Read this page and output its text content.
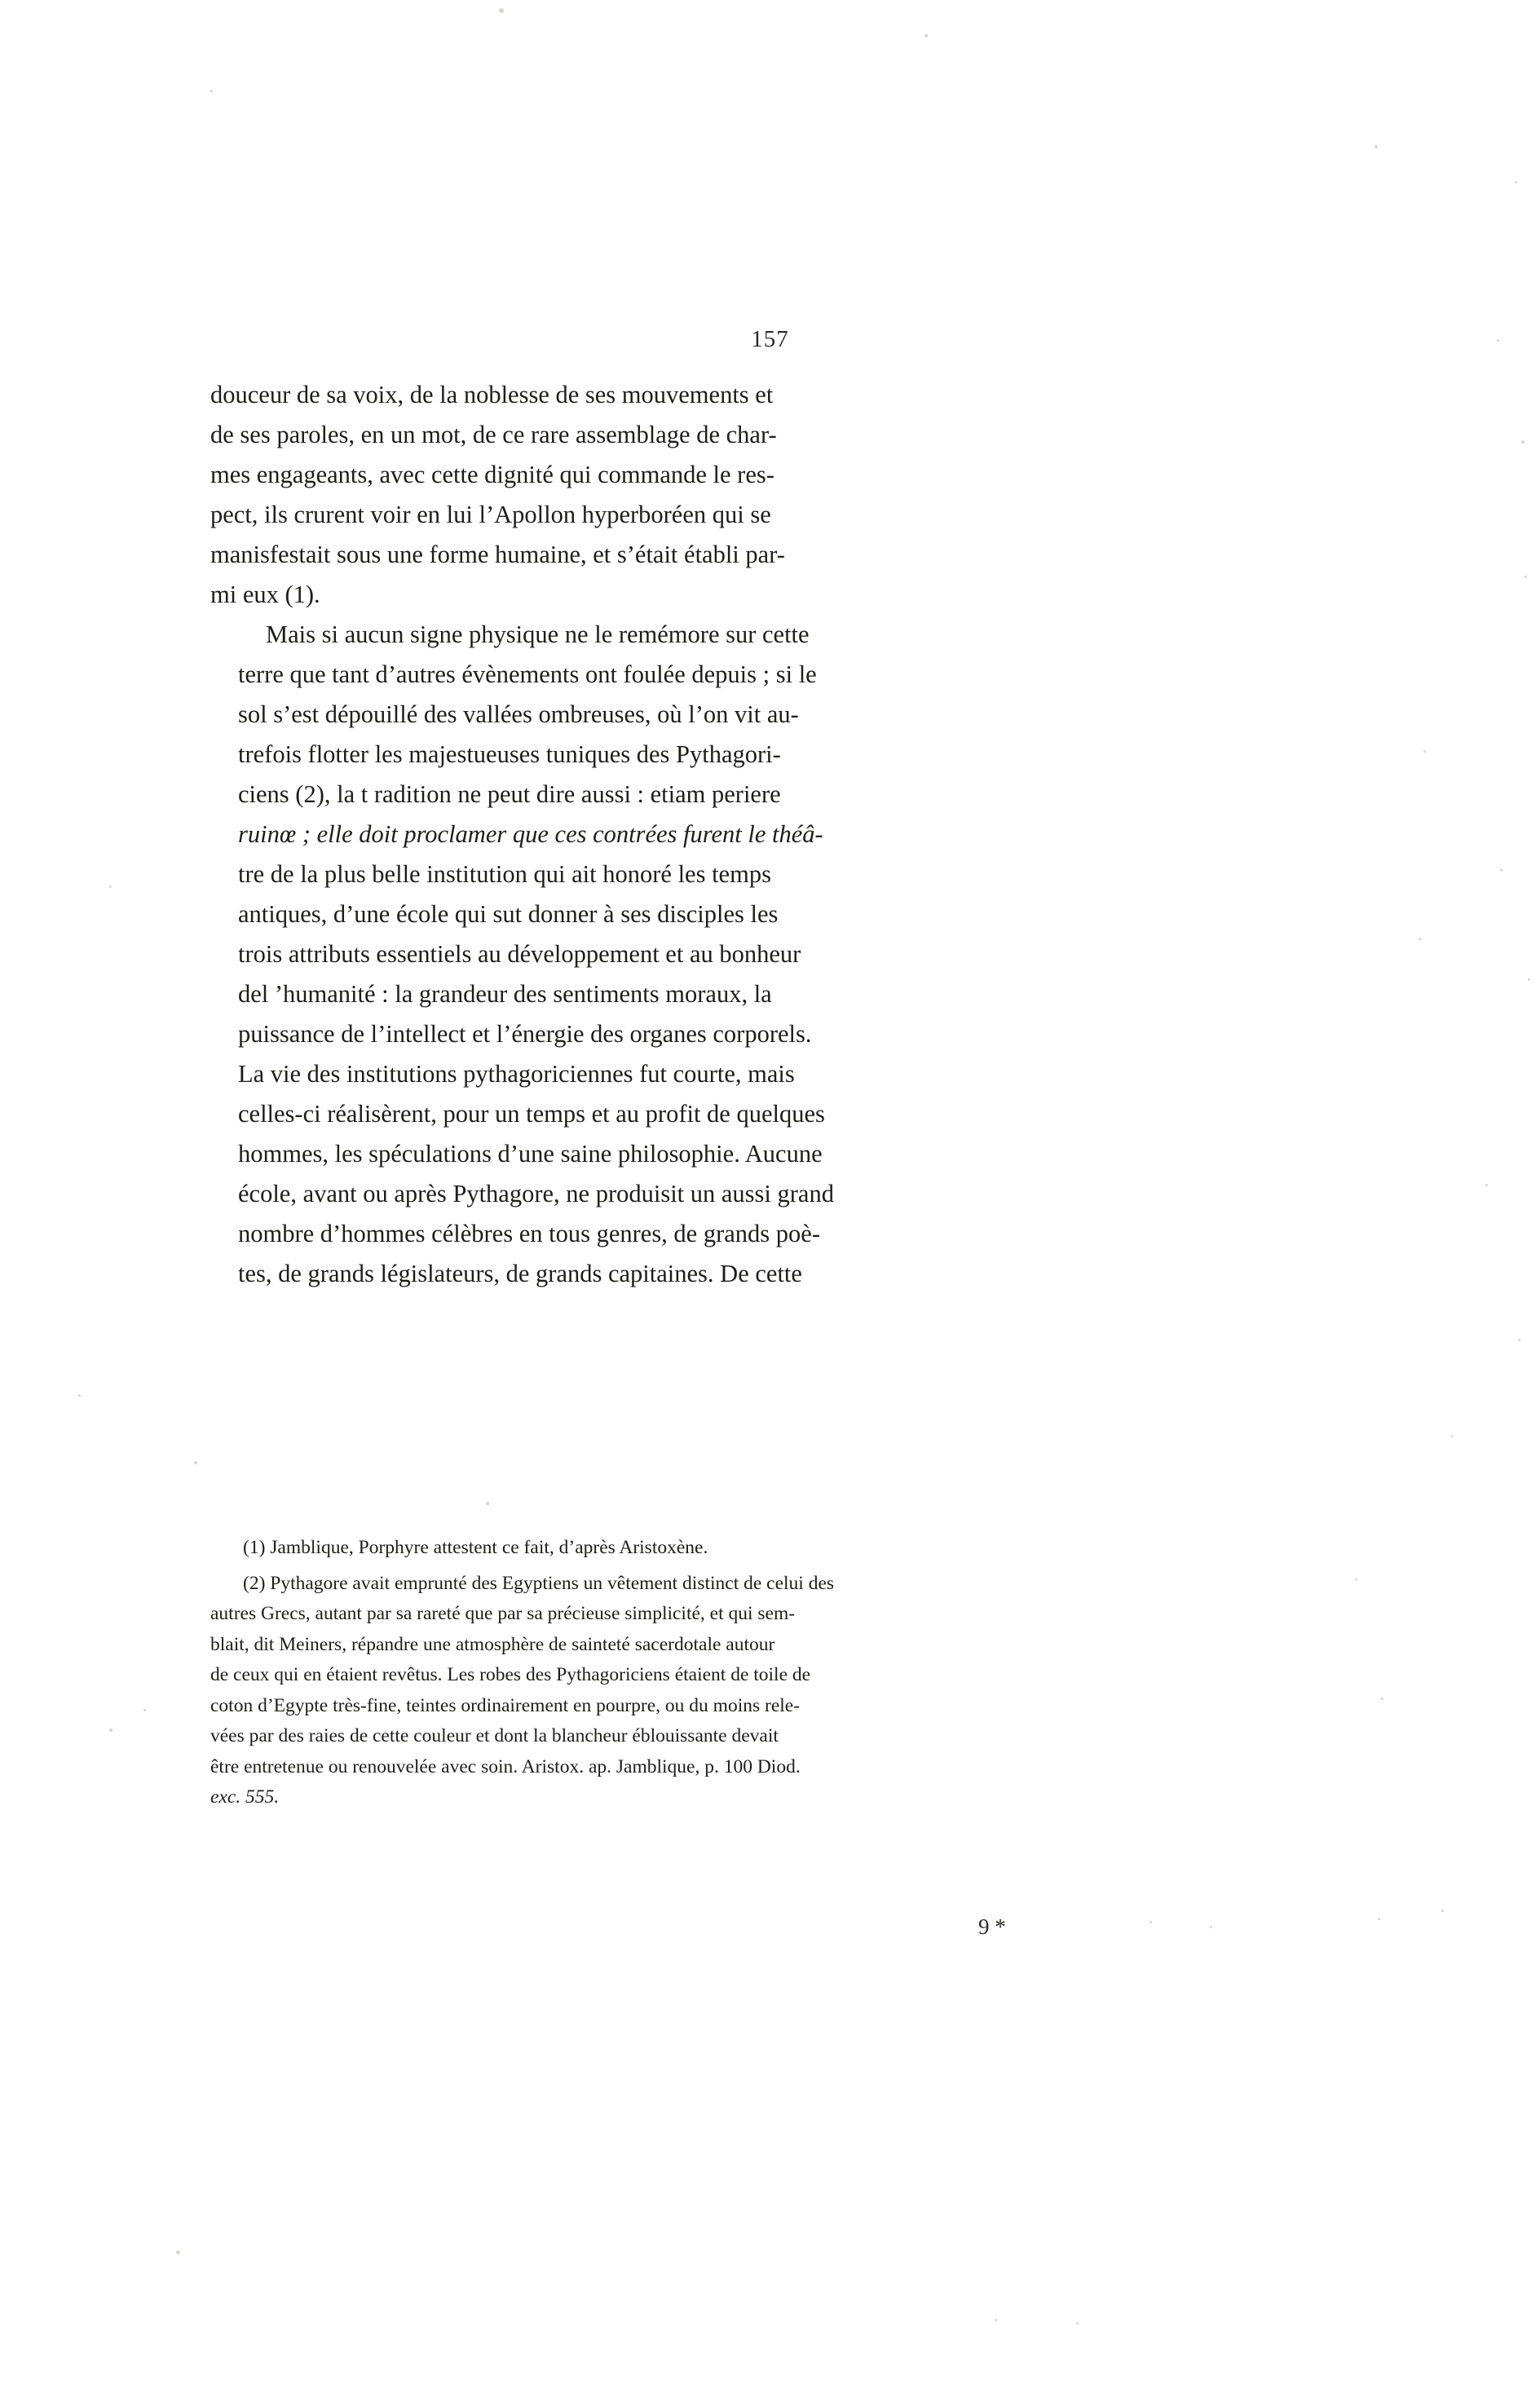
157

douceur de sa voix, de la noblesse de ses mouvements et
de ses paroles, en un mot, de ce rare assemblage de char-
mes engageants, avec cette dignité qui commande le res-
pect, ils crurent voir en lui l’Apollon hyperboréen qui se
manisfestait sous une forme humaine, et s’était établi par-
mi eux (1).

Mais si aucun signe physique ne le remémore sur cette
terre que tant d’autres évènements ont foulée depuis ; si le
sol s’est dépouillé des vallées ombreuses, où l’on vit au-
trefois flotter les majestueuses tuniques des Pythagori-
ciens (2), la t radition ne peut dire aussi : etiam periere
ruinœ ; elle doit proclamer que ces contrées furent le théâ-
tre de la plus belle institution qui ait honoré les temps
antiques, d’une école qui sut donner à ses disciples les
trois attributs essentiels au développement et au bonheur
del ’humanité : la grandeur des sentiments moraux, la
puissance de l’intellect et l’énergie des organes corporels.
La vie des institutions pythagoriciennes fut courte, mais
celles-ci réalisèrent, pour un temps et au profit de quelques
hommes, les spéculations d’une saine philosophie. Aucune
école, avant ou après Pythagore, ne produisit un aussi grand
nombre d’hommes célèbres en tous genres, de grands poè-
tes, de grands législateurs, de grands capitaines. De cette

(1) Jamblique, Porphyre attestent ce fait, d’après Aristoxène.

(2) Pythagore avait emprunté des Egyptiens un vêtement distinct de celui des
autres Grecs, autant par sa rareté que par sa précieuse simplicité, et qui sem-
blait, dit Meiners, répandre une atmosphère de sainteté sacerdotale autour
de ceux qui en étaient revêtus. Les robes des Pythagoriciens étaient de toile de
coton d’Egypte très-fine, teintes ordinairement en pourpre, ou du moins rele-
vées par des raies de cette couleur et dont la blancheur éblouissante devait
être entretenue ou renouvelée avec soin. Aristox. ap. Jamblique, p. 100 Diod.
exc. 555.

9 *
